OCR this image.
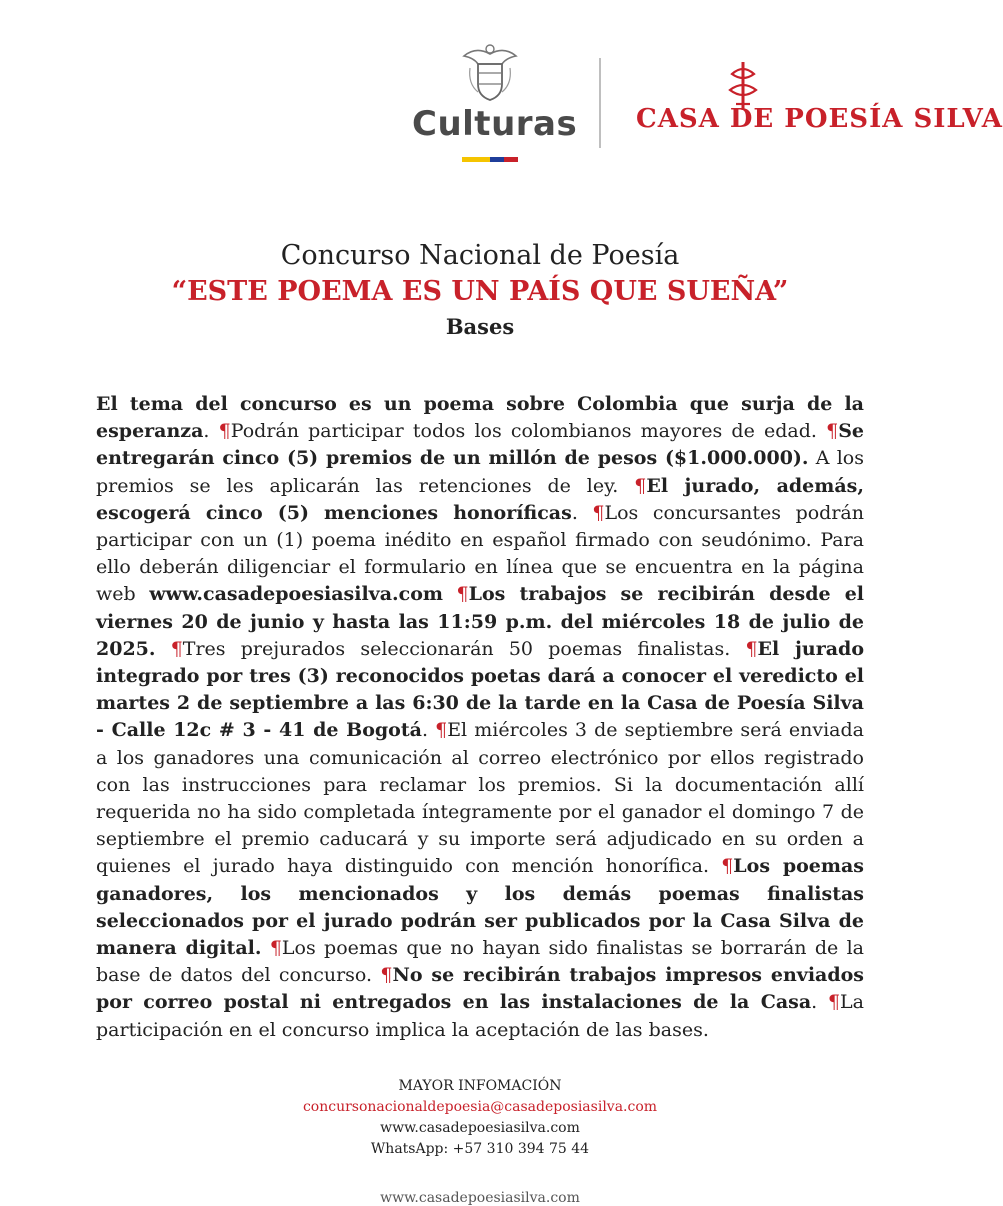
Culturas CASA DE POESÍA SILVA
Concurso Nacional de Poesía
“ESTE POEMA ES UN PAÍS QUE SUEÑA”
Bases
El tema del concurso es un poema sobre Colombia que surja de la esperanza. ¶Podrán participar todos los colombianos mayores de edad. ¶Se entregarán cinco (5) premios de un millón de pesos ($1.000.000). A los premios se les aplicarán las retenciones de ley. ¶El jurado, además, escogerá cinco (5) menciones honoríficas. ¶Los concursantes podrán participar con un (1) poema inédito en español firmado con seudónimo. Para ello deberán diligenciar el formulario en línea que se encuentra en la página web www.casadepoesiasilva.com ¶Los trabajos se recibirán desde el viernes 20 de junio y hasta las 11:59 p.m. del miércoles 18 de julio de 2025. ¶Tres prejurados seleccionarán 50 poemas finalistas. ¶El jurado integrado por tres (3) reconocidos poetas dará a conocer el veredicto el martes 2 de septiembre a las 6:30 de la tarde en la Casa de Poesía Silva - Calle 12c # 3 - 41 de Bogotá. ¶El miércoles 3 de septiembre será enviada a los ganadores una comunicación al correo electrónico por ellos registrado con las instrucciones para reclamar los premios. Si la documentación allí requerida no ha sido completada íntegramente por el ganador el domingo 7 de septiembre el premio caducará y su importe será adjudicado en su orden a quienes el jurado haya distinguido con mención honorífica. ¶Los poemas ganadores, los mencionados y los demás poemas finalistas seleccionados por el jurado podrán ser publicados por la Casa Silva de manera digital. ¶Los poemas que no hayan sido finalistas se borrarán de la base de datos del concurso. ¶No se recibirán trabajos impresos enviados por correo postal ni entregados en las instalaciones de la Casa. ¶La participación en el concurso implica la aceptación de las bases.
MAYOR INFOMACIÓN
concursonacionaldepoesia@casadeposiasilva.com
www.casadepoesiasilva.com
WhatsApp: +57 310 394 75 44
www.casadepoesiasilva.com
